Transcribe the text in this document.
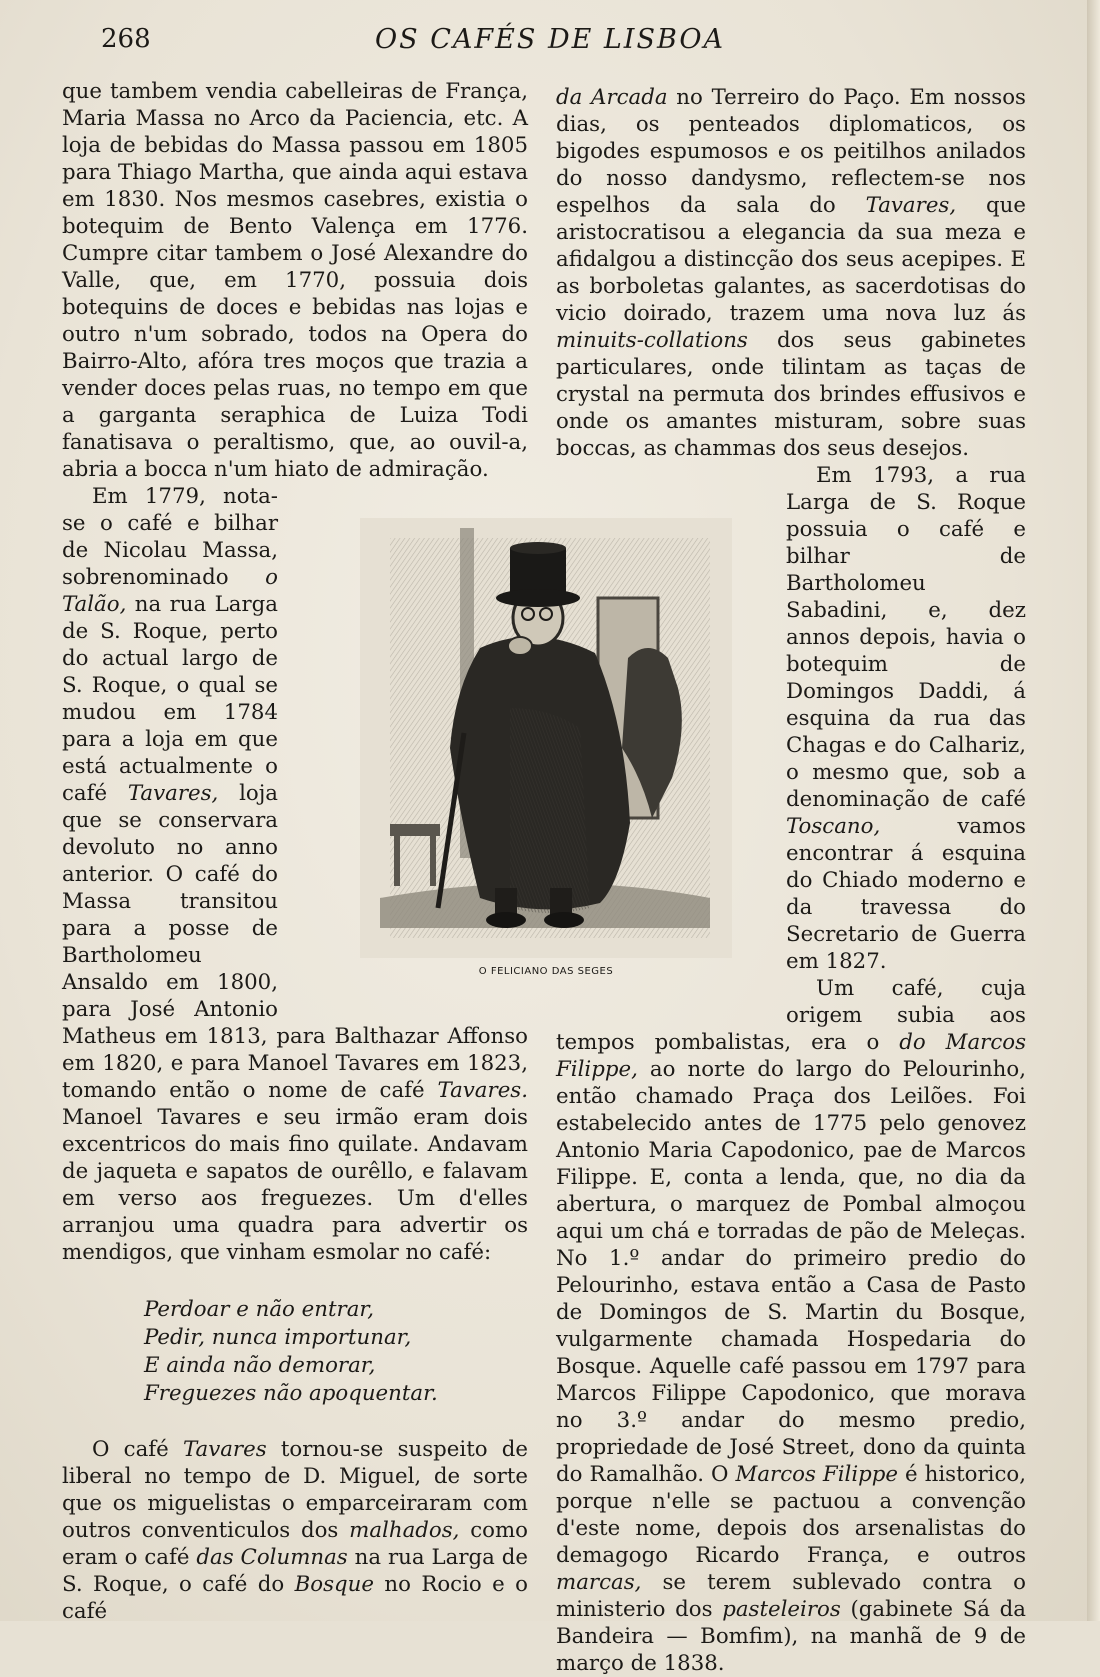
268	OS CAFÉS DE LISBOA

que tambem vendia cabelleiras de França, Maria Massa no Arco da Paciencia, etc. A loja de bebidas do Massa passou em 1805 para Thiago Martha, que ainda aqui estava em 1830. Nos mesmos casebres, existia o botequim de Bento Valença em 1776. Cumpre citar tambem o José Alexandre do Valle, que, em 1770, possuia dois botequins de doces e bebidas nas lojas e outro n'um sobrado, todos na Opera do Bairro-Alto, afóra tres moços que trazia a vender doces pelas ruas, no tempo em que a garganta seraphica de Luiza Todi fanatisava o peraltismo, que, ao ouvil-a, abria a bocca n'um hiato de admiração.

Em 1779, nota-se o café e bilhar de Nicolau Massa, sobrenominado o Talão, na rua Larga de S. Roque, perto do actual largo de S. Roque, o qual se mudou em 1784 para a loja em que está actualmente o café Tavares, loja que se conservara devoluto no anno anterior. O café do Massa transitou para a posse de Bartholomeu Ansaldo em 1800, para José Antonio Matheus em 1813, para Balthazar Affonso em 1820, e para Manoel Tavares em 1823, tomando então o nome de café Tavares. Manoel Tavares e seu irmão eram dois excentricos do mais fino quilate. Andavam de jaqueta e sapatos de ourêllo, e falavam em verso aos freguezes. Um d'elles arranjou uma quadra para advertir os mendigos, que vinham esmolar no café:

Perdoar e não entrar,
Pedir, nunca importunar,
E ainda não demorar,
Freguezes não apoquentar.

O café Tavares tornou-se suspeito de liberal no tempo de D. Miguel, de sorte que os miguelistas o emparceiraram com outros conventiculos dos malhados, como eram o café das Columnas na rua Larga de S. Roque, o café do Bosque no Rocio e o café

da Arcada no Terreiro do Paço. Em nossos dias, os penteados diplomaticos, os bigodes espumosos e os peitilhos anilados do nosso dandysmo, reflectem-se nos espelhos da sala do Tavares, que aristocratisou a elegancia da sua meza e afidalgou a distincção dos seus acepipes. E as borboletas galantes, as sacerdotisas do vicio doirado, trazem uma nova luz ás minuits-collations dos seus gabinetes particulares, onde tilintam as taças de crystal na permuta dos brindes effusivos e onde os amantes misturam, sobre suas boccas, as chammas dos seus desejos.

Em 1793, a rua Larga de S. Roque possuia o café e bilhar de Bartholomeu Sabadini, e, dez annos depois, havia o botequim de Domingos Daddi, á esquina da rua das Chagas e do Calhariz, o mesmo que, sob a denominação de café Toscano, vamos encontrar á esquina do Chiado moderno e da travessa do Secretario de Guerra em 1827.

Um café, cuja origem subia aos tempos pombalistas, era o do Marcos Filippe, ao norte do largo do Pelourinho, então chamado Praça dos Leilões. Foi estabelecido antes de 1775 pelo genovez Antonio Maria Capodonico, pae de Marcos Filippe. E, conta a lenda, que, no dia da abertura, o marquez de Pombal almoçou aqui um chá e torradas de pão de Meleças. No 1.º andar do primeiro predio do Pelourinho, estava então a Casa de Pasto de Domingos de S. Martin du Bosque, vulgarmente chamada Hospedaria do Bosque. Aquelle café passou em 1797 para Marcos Filippe Capodonico, que morava no 3.º andar do mesmo predio, propriedade de José Street, dono da quinta do Ramalhão. O Marcos Filippe é historico, porque n'elle se pactuou a convenção d'este nome, depois dos arsenalistas do demagogo Ricardo França, e outros marcas, se terem sublevado contra o ministerio dos pasteleiros (gabinete Sá da Bandeira — Bomfim), na manhã de 9 de março de 1838.

O FELICIANO DAS SEGES
